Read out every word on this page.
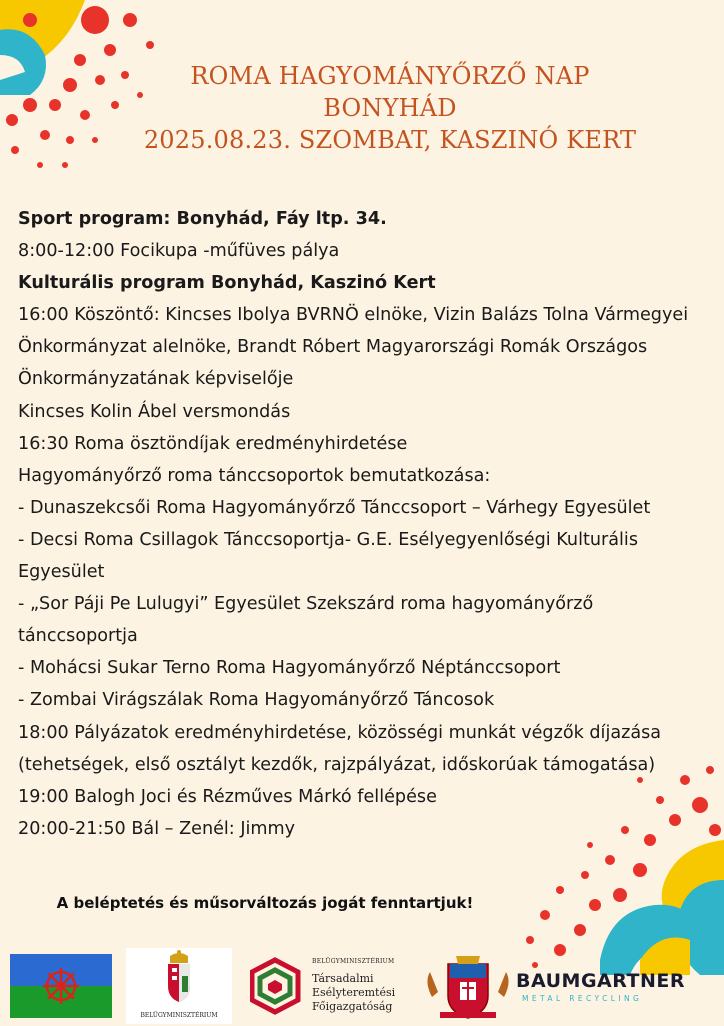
ROMA HAGYOMÁNYŐRZŐ NAP
BONYHÁD
2025.08.23. SZOMBAT, KASZINÓ KERT

Sport program: Bonyhád, Fáy ltp. 34.

8:00-12:00 Focikupa -műfüves pálya

Kulturális program Bonyhád, Kaszinó Kert

16:00 Köszöntő: Kincses Ibolya BVRNÖ elnöke, Vizin Balázs Tolna Vármegyei Önkormányzat alelnöke, Brandt Róbert Magyarországi Romák Országos Önkormányzatának képviselője

Kincses Kolin Ábel versmondás

16:30 Roma ösztöndíjak eredményhirdetése

Hagyományőrző roma tánccsoportok bemutatkozása:

- Dunaszekcsői Roma Hagyományőrző Tánccsoport – Várhegy Egyesület

- Decsi Roma Csillagok Tánccsoportja- G.E. Esélyegyenlőségi Kulturális Egyesület

- „Sor Páji Pe Lulugyi” Egyesület Szekszárd roma hagyományőrző tánccsoportja

- Mohácsi Sukar Terno Roma Hagyományőrző Néptánccsoport

- Zombai Virágszálak Roma Hagyományőrző Táncosok

18:00 Pályázatok eredményhirdetése, közösségi munkát végzők díjazása (tehetségek, első osztályt kezdők, rajzpályázat, időskorúak támogatása)

19:00 Balogh Joci és Rézműves Márkó fellépése

20:00-21:50 Bál – Zenél: Jimmy

A beléptetés és műsorváltozás jogát fenntartjuk!
BELÜGYMINISZTÉRIUM
BELÜGYMINISZTÉRIUM
Társadalmi
Esélyteremtési
Főigazgatóság
BAUMGARTNER
METAL RECYCLING
